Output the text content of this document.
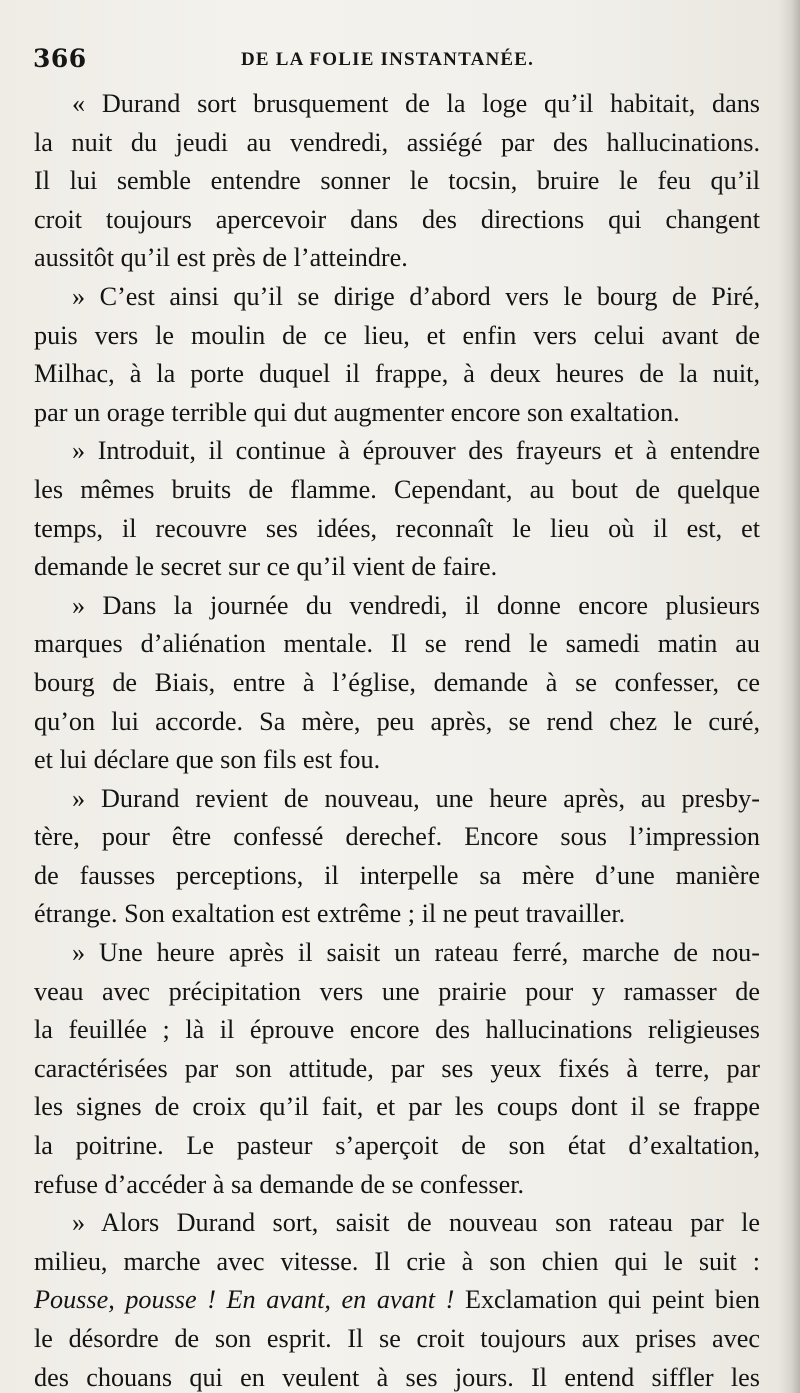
366	DE LA FOLIE INSTANTANÉE.
« Durand sort brusquement de la loge qu’il habitait, dans
la nuit du jeudi au vendredi, assiégé par des hallucinations.
Il lui semble entendre sonner le tocsin, bruire le feu qu’il
croit toujours apercevoir dans des directions qui changent
aussitôt qu’il est près de l’atteindre.
» C’est ainsi qu’il se dirige d’abord vers le bourg de Piré,
puis vers le moulin de ce lieu, et enfin vers celui avant de
Milhac, à la porte duquel il frappe, à deux heures de la nuit,
par un orage terrible qui dut augmenter encore son exaltation.
» Introduit, il continue à éprouver des frayeurs et à entendre
les mêmes bruits de flamme. Cependant, au bout de quelque
temps, il recouvre ses idées, reconnaît le lieu où il est, et
demande le secret sur ce qu’il vient de faire.
» Dans la journée du vendredi, il donne encore plusieurs
marques d’aliénation mentale. Il se rend le samedi matin au
bourg de Biais, entre à l’église, demande à se confesser, ce
qu’on lui accorde. Sa mère, peu après, se rend chez le curé,
et lui déclare que son fils est fou.
» Durand revient de nouveau, une heure après, au presby-
tère, pour être confessé derechef. Encore sous l’impression
de fausses perceptions, il interpelle sa mère d’une manière
étrange. Son exaltation est extrême ; il ne peut travailler.
» Une heure après il saisit un rateau ferré, marche de nou-
veau avec précipitation vers une prairie pour y ramasser de
la feuillée ; là il éprouve encore des hallucinations religieuses
caractérisées par son attitude, par ses yeux fixés à terre, par
les signes de croix qu’il fait, et par les coups dont il se frappe
la poitrine. Le pasteur s’aperçoit de son état d’exaltation,
refuse d’accéder à sa demande de se confesser.
» Alors Durand sort, saisit de nouveau son rateau par le
milieu, marche avec vitesse. Il crie à son chien qui le suit :
Pousse, pousse ! En avant, en avant ! Exclamation qui peint bien
le désordre de son esprit. Il se croit toujours aux prises avec
des chouans qui en veulent à ses jours. Il entend siffler les
